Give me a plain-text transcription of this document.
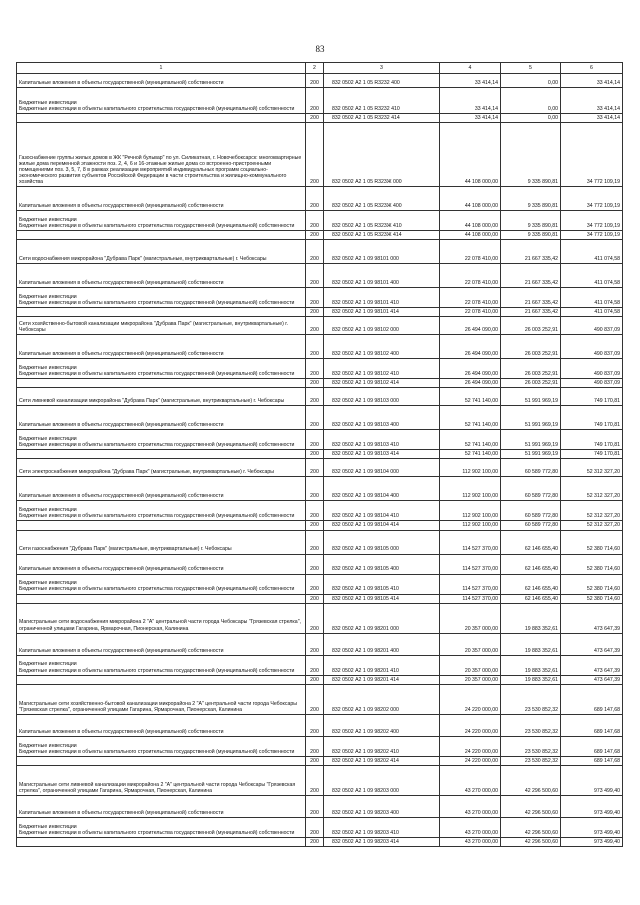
83
1	2	3	4	5	6
Капитальные вложения в объекты государственной (муниципальной) собственности	200	832 0502 А2 1 05 R3232 400	33 414,14	0,00	33 414,14
Бюджетные инвестиции
Бюджетные инвестиции в объекты капитального строительства государственной (муниципальной) собственности	200	832 0502 А2 1 05 R3232 410	33 414,14	0,00	33 414,14
	200	832 0502 А2 1 05 R3232 414	33 414,14	0,00	33 414,14
Газоснабжение группы жилых домов в ЖК "Речной бульвар" по ул. Силикатная, г. Новочебоксарск: многоквартирные жилые дома переменной этажности поз. 2, 4, 6 и 16-этажные жилые дома со встроенно-пристроенными помещениями поз. 3, 5, 7, 8 в рамках реализации мероприятий индивидуальных программ социально-экономического развития субъектов Российской Федерации в части строительства и жилищно-коммунального хозяйства	200	832 0502 А2 1 05 R323Ж 000	44 108 000,00	9 335 890,81	34 772 109,19
Капитальные вложения в объекты государственной (муниципальной) собственности	200	832 0502 А2 1 05 R323Ж 400	44 108 000,00	9 335 890,81	34 772 109,19
Бюджетные инвестиции
Бюджетные инвестиции в объекты капитального строительства государственной (муниципальной) собственности	200	832 0502 А2 1 05 R323Ж 410	44 108 000,00	9 335 890,81	34 772 109,19
	200	832 0502 А2 1 05 R323Ж 414	44 108 000,00	9 335 890,81	34 772 109,19
Сети водоснабжения микрорайона "Дубрава Парк" (магистральные, внутриквартальные) г. Чебоксары	200	832 0502 А2 1 09 98101 000	22 078 410,00	21 667 335,42	411 074,58
Капитальные вложения в объекты государственной (муниципальной) собственности	200	832 0502 А2 1 09 98101 400	22 078 410,00	21 667 335,42	411 074,58
Бюджетные инвестиции
Бюджетные инвестиции в объекты капитального строительства государственной (муниципальной) собственности	200	832 0502 А2 1 09 98101 410	22 078 410,00	21 667 335,42	411 074,58
	200	832 0502 А2 1 09 98101 414	22 078 410,00	21 667 335,42	411 074,58
Сети хозяйственно-бытовой канализации микрорайона "Дубрава Парк" (магистральные, внутриквартальные) г. Чебоксары	200	832 0502 А2 1 09 98102 000	26 494 090,00	26 003 252,91	490 837,09
Капитальные вложения в объекты государственной (муниципальной) собственности	200	832 0502 А2 1 09 98102 400	26 494 090,00	26 003 252,91	490 837,09
Бюджетные инвестиции
Бюджетные инвестиции в объекты капитального строительства государственной (муниципальной) собственности	200	832 0502 А2 1 09 98102 410	26 494 090,00	26 003 252,91	490 837,09
	200	832 0502 А2 1 09 98102 414	26 494 090,00	26 003 252,91	490 837,09
Сети ливневой канализации микрорайона "Дубрава Парк" (магистральные, внутриквартальные) г. Чебоксары	200	832 0502 А2 1 09 98103 000	52 741 140,00	51 991 969,19	749 170,81
Капитальные вложения в объекты государственной (муниципальной) собственности	200	832 0502 А2 1 09 98103 400	52 741 140,00	51 991 969,19	749 170,81
Бюджетные инвестиции
Бюджетные инвестиции в объекты капитального строительства государственной (муниципальной) собственности	200	832 0502 А2 1 09 98103 410	52 741 140,00	51 991 969,19	749 170,81
	200	832 0502 А2 1 09 98103 414	52 741 140,00	51 991 969,19	749 170,81
Сети электроснабжения микрорайона "Дубрава Парк" (магистральные, внутриквартальные) г. Чебоксары	200	832 0502 А2 1 09 98104 000	112 902 100,00	60 589 772,80	52 312 327,20
Капитальные вложения в объекты государственной (муниципальной) собственности	200	832 0502 А2 1 09 98104 400	112 902 100,00	60 589 772,80	52 312 327,20
Бюджетные инвестиции
Бюджетные инвестиции в объекты капитального строительства государственной (муниципальной) собственности	200	832 0502 А2 1 09 98104 410	112 902 100,00	60 589 772,80	52 312 327,20
	200	832 0502 А2 1 09 98104 414	112 902 100,00	60 589 772,80	52 312 327,20
Сети газоснабжения "Дубрава Парк" (магистральные, внутриквартальные) г. Чебоксары	200	832 0502 А2 1 09 98105 000	114 527 370,00	62 146 655,40	52 380 714,60
Капитальные вложения в объекты государственной (муниципальной) собственности	200	832 0502 А2 1 09 98105 400	114 527 370,00	62 146 655,40	52 380 714,60
Бюджетные инвестиции
Бюджетные инвестиции в объекты капитального строительства государственной (муниципальной) собственности	200	832 0502 А2 1 09 98105 410	114 527 370,00	62 146 655,40	52 380 714,60
	200	832 0502 А2 1 09 98105 414	114 527 370,00	62 146 655,40	52 380 714,60
Магистральные сети водоснабжения микрорайона 2 "А" центральной части города Чебоксары "Грязевская стрелка", ограниченной улицами Гагарина, Ярмарочная, Пионерская, Калинина	200	832 0502 А2 1 09 98201 000	20 357 000,00	19 883 352,61	473 647,39
Капитальные вложения в объекты государственной (муниципальной) собственности	200	832 0502 А2 1 09 98201 400	20 357 000,00	19 883 352,61	473 647,39
Бюджетные инвестиции
Бюджетные инвестиции в объекты капитального строительства государственной (муниципальной) собственности	200	832 0502 А2 1 09 98201 410	20 357 000,00	19 883 352,61	473 647,39
	200	832 0502 А2 1 09 98201 414	20 357 000,00	19 883 352,61	473 647,39
Магистральные сети хозяйственно-бытовой канализации микрорайона 2 "А" центральной части города Чебоксары "Грязевская стрелка", ограниченной улицами Гагарина, Ярмарочная, Пионерская, Калинина	200	832 0502 А2 1 09 98202 000	24 220 000,00	23 530 852,32	689 147,68
Капитальные вложения в объекты государственной (муниципальной) собственности	200	832 0502 А2 1 09 98202 400	24 220 000,00	23 530 852,32	689 147,68
Бюджетные инвестиции
Бюджетные инвестиции в объекты капитального строительства государственной (муниципальной) собственности	200	832 0502 А2 1 09 98202 410	24 220 000,00	23 530 852,32	689 147,68
	200	832 0502 А2 1 09 98202 414	24 220 000,00	23 530 852,32	689 147,68
Магистральные сети ливневой канализации микрорайона 2 "А" центральной части города Чебоксары "Грязевская стрелка", ограниченной улицами Гагарина, Ярмарочная, Пионерская, Калинина	200	832 0502 А2 1 09 98203 000	43 270 000,00	42 296 500,60	973 499,40
Капитальные вложения в объекты государственной (муниципальной) собственности	200	832 0502 А2 1 09 98203 400	43 270 000,00	42 296 500,60	973 499,40
Бюджетные инвестиции
Бюджетные инвестиции в объекты капитального строительства государственной (муниципальной) собственности	200	832 0502 А2 1 09 98203 410	43 270 000,00	42 296 500,60	973 499,40
	200	832 0502 А2 1 09 98203 414	43 270 000,00	42 296 500,60	973 499,40
